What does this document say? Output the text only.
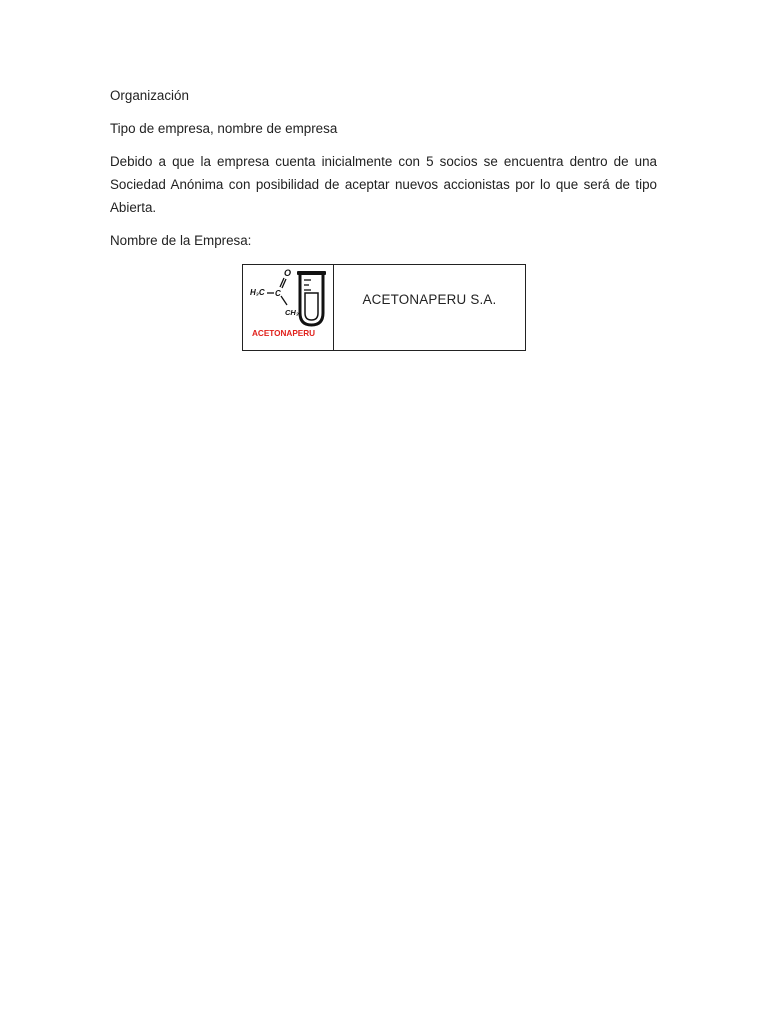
Organización

Tipo de empresa, nombre de empresa

Debido a que la empresa cuenta inicialmente con 5 socios se encuentra dentro de una Sociedad Anónima con posibilidad de aceptar nuevos accionistas por lo que será de tipo Abierta.

Nombre de la Empresa:

H₃C C
O
CH₃
ACETONAPERU

ACETONAPERU S.A.
